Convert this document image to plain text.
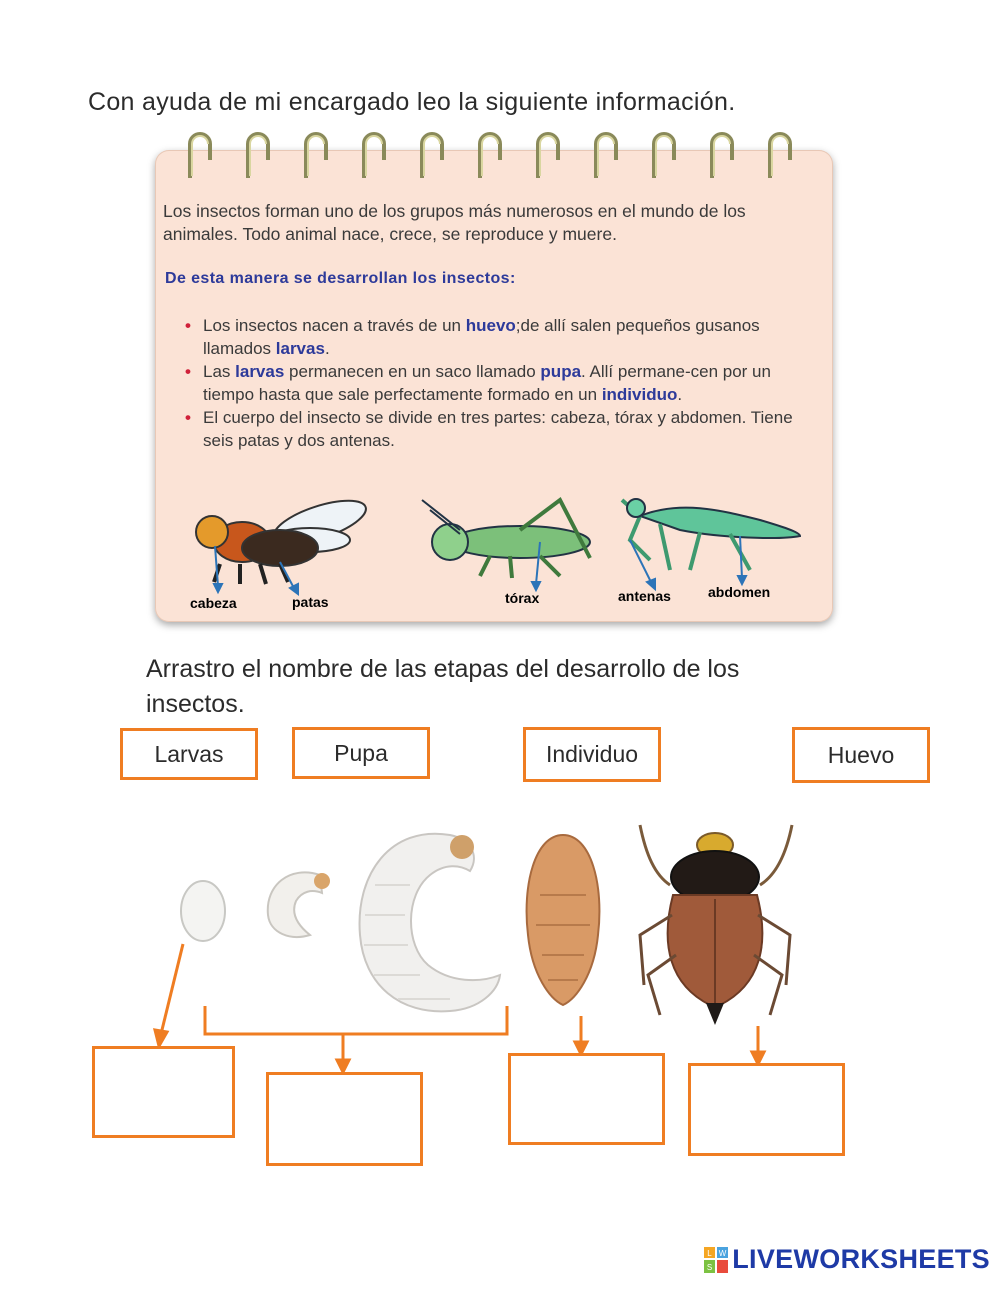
Con ayuda de mi encargado leo la siguiente información.
Los insectos forman uno de los grupos más numerosos en el mundo de los animales. Todo animal nace, crece, se reproduce y muere.
De esta manera se desarrollan los insectos:
• Los insectos nacen a través de un huevo;de allí salen pequeños gusanos llamados larvas.
• Las larvas permanecen en un saco llamado pupa. Allí permane-cen por un tiempo hasta que sale perfectamente formado en un individuo.
• El cuerpo del insecto se divide en tres partes: cabeza, tórax y abdomen. Tiene seis patas y dos antenas.
cabeza	patas	tórax	antenas	abdomen
Arrastro el nombre de las etapas del desarrollo de los insectos.
Larvas	Pupa	Individuo	Huevo
L W
S LIVEWORKSHEETS
